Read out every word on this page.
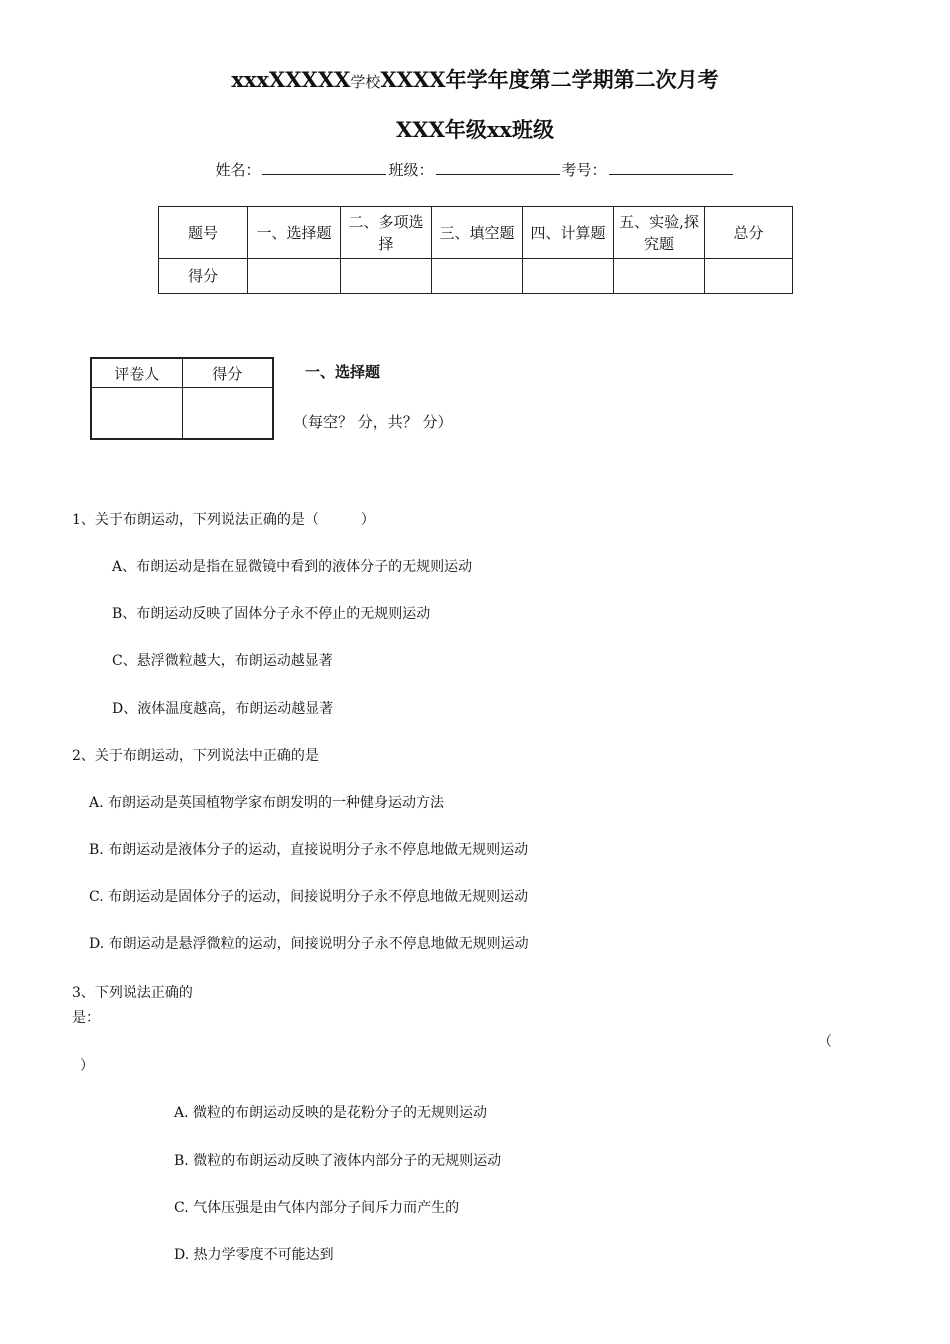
xxxXXXXX学校XXXX年学年度第二学期第二次月考
XXX年级xx班级
姓名：	班级：	考号：
题号	一、选择题	二、多项选择	三、填空题	四、计算题	五、实验,探究题	总分
得分						
评卷人	得分
		一、选择题
（每空？ 分，共？ 分）
1、关于布朗运动，下列说法正确的是（　　　）
A、布朗运动是指在显微镜中看到的液体分子的无规则运动
B、布朗运动反映了固体分子永不停止的无规则运动
C、悬浮微粒越大，布朗运动越显著
D、液体温度越高，布朗运动越显著
2、关于布朗运动，下列说法中正确的是
A. 布朗运动是英国植物学家布朗发明的一种健身运动方法
B. 布朗运动是液体分子的运动，直接说明分子永不停息地做无规则运动
C. 布朗运动是固体分子的运动，间接说明分子永不停息地做无规则运动
D. 布朗运动是悬浮微粒的运动，间接说明分子永不停息地做无规则运动
3、下列说法正确的
是：
（
）
A. 微粒的布朗运动反映的是花粉分子的无规则运动
B. 微粒的布朗运动反映了液体内部分子的无规则运动
C. 气体压强是由气体内部分子间斥力而产生的
D. 热力学零度不可能达到
